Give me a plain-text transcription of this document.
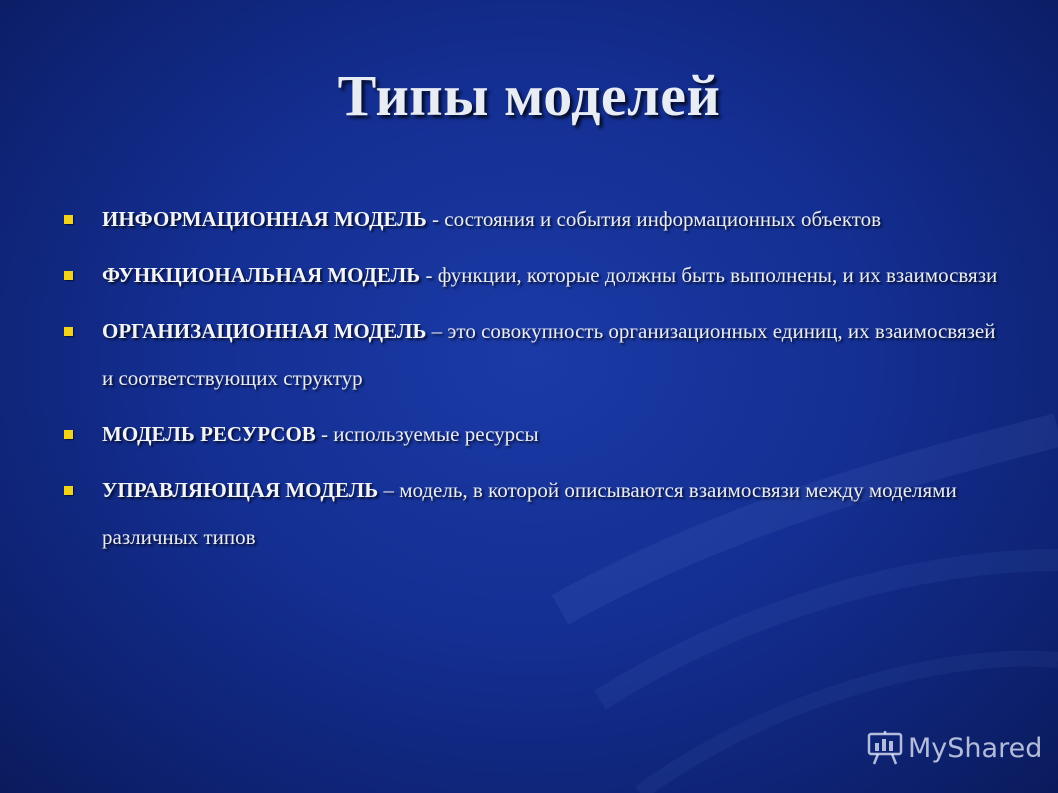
Типы моделей
ИНФОРМАЦИОННАЯ МОДЕЛЬ - состояния и события информационных объектов
ФУНКЦИОНАЛЬНАЯ МОДЕЛЬ - функции, которые должны быть выполнены, и их взаимосвязи
ОРГАНИЗАЦИОННАЯ МОДЕЛЬ – это совокупность организационных единиц, их взаимосвязей и соответствующих структур
МОДЕЛЬ РЕСУРСОВ - используемые ресурсы
УПРАВЛЯЮЩАЯ МОДЕЛЬ – модель, в которой описываются взаимосвязи между моделями различных типов
MyShared
